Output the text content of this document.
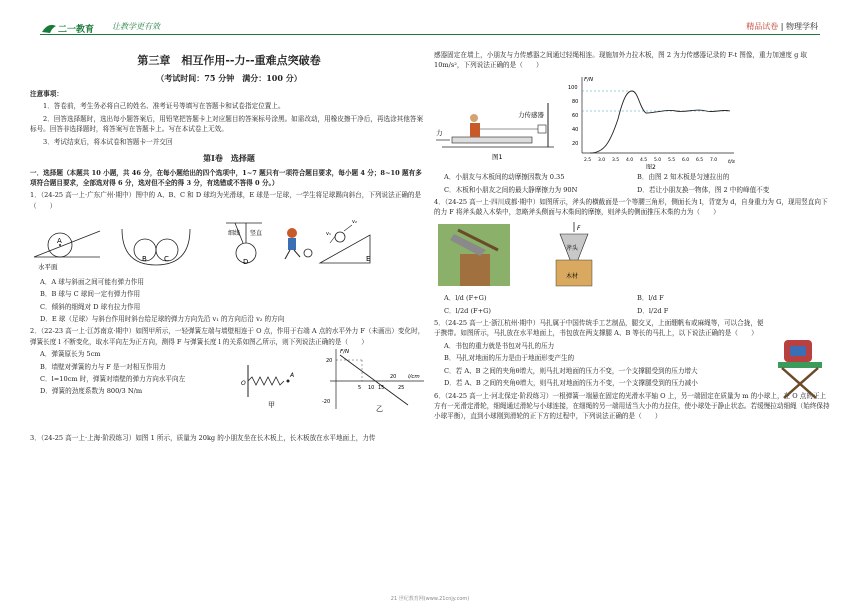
二一教育 让教学更有效	精品试卷 | 物理学科
第三章　相互作用--力--重难点突破卷
（考试时间：75 分钟　满分：100 分）

注意事项：

1．答卷前，考生务必将自己的姓名、准考证号等填写在答题卡和试卷指定位置上。

2．回答选择题时，选出每小题答案后，用铅笔把答题卡上对应题目的答案标号涂黑。如需改动，用橡皮擦干净后，再选涂其他答案标号。回答非选择题时，将答案写在答题卡上。写在本试卷上无效。

3．考试结束后，将本试卷和答题卡一并交回

第Ⅰ卷　选择题

一．选择题（本题共 10 小题，共 46 分，在每小题给出的四个选项中，1~7 题只有一项符合题目要求，每小题 4 分；8~10 题有多项符合题目要求，全部选对得 6 分，选对但不全的得 3 分，有选错或不答得 0 分。）

1．（24-25 高一上·广东广州·期中）图中的 A、B、C 和 D 球均为光滑球，E 球是一足球，一学生将足球踢向斜台，下列说法正确的是（　　）

A
水平面
B C	D
细线 竖直	v₁
v₂
E

A．A 球与斜面之间可能有弹力作用

B．B 球与 C 球间一定有弹力作用

C．倾斜的细绳对 D 球有拉力作用

D．E 球（足球）与斜台作用时斜台给足球的弹力方向先沿 v₁ 的方向后沿 v₂ 的方向

2．（22-23 高一上·江苏南京·期中）如图甲所示，一轻弹簧左端与墙壁相连于 O 点，作用于右端 A 点的水平外力 F（未画出）变化时，弹簧长度 l 不断变化，取水平向左为正方向，测得 F 与弹簧长度 l 的关系如图乙所示，则下列说法正确的是（　　）

A．弹簧原长为 5cm

B．墙壁对弹簧的力与 F 是一对相互作用力

C．l=10cm 时，弹簧对墙壁的弹力方向水平向左

D．弹簧的劲度系数为 800/3 N/m

O
A
甲
F/N
l/cm
20
20
25
5 10 15
-20
乙

3．（24-25 高一上·上海·阶段练习）如图 1 所示，质量为 20kg 的小朋友坐在长木板上，长木板放在水平地面上，力传

感器固定在墙上，小朋友与力传感器之间通过轻绳相连。现施加外力拉木板，图 2 为力传感器记录的 F-t 图像，重力加速度 g 取 10m/s²，下列说法正确的是（　　）

力传感器
力
图1
F/N
t/s
100
80
60
40
20
2.5 3.0 3.5 4.0 4.5 5.0 5.5 6.0 6.5 7.0
图2

A．小朋友与木板间的动摩擦因数为 0.35	B．由图 2 知木板是匀速拉出的

C．木板和小朋友之间的最大静摩擦力为 90N	D．若让小朋友换一物体，图 2 中的峰值不变

4．（24-25 高一上·四川成都·期中）如图所示，斧头的横截面是一个等腰三角形，侧面长为 l，背宽为 d，自身重力为 G，现用竖直向下的力 F 将斧头敲入木柴中，忽略斧头侧面与木柴间的摩擦，则斧头的侧面推压木柴的力为（　　）

F
斧头
木材

A．l/d (F+G)	B．l/d F

C．l/2d (F+G)	D．l/2d F

5．（24-25 高一上·浙江杭州·期中）马扎属于中国传统手工艺制品，腿交叉，上面绷帆布或麻绳等，可以合拢，便于携带。如图所示，马扎放在水平地面上，书包放在两支撑腿 A、B 等长的马扎上，以下说法正确的是（　　）

A．书包的重力就是书包对马扎的压力

B．马扎对地面的压力是由于地面形变产生的

C．若 A、B 之间的夹角θ增大，则马扎对地面的压力不变，一个支撑腿受到的压力增大

D．若 A、B 之间的夹角θ增大，则马扎对地面的压力不变，一个支撑腿受到的压力减小

6．（24-25 高一上·河北保定·阶段练习）一根弹簧一端悬在固定的光滑水平轴 O 上，另一端固定在质量为 m 的小球上，在 O 点的正上方有一光滑定滑轮，细绳通过滑轮与小球连接，在细绳的另一端用适当大小的力拉住，使小球处于静止状态。若缓慢拉动细绳（始终保持小球平衡），直到小球刚到滑轮的正下方的过程中，下列说法正确的是（　　）

21 世纪教育网(www.21cnjy.com)
